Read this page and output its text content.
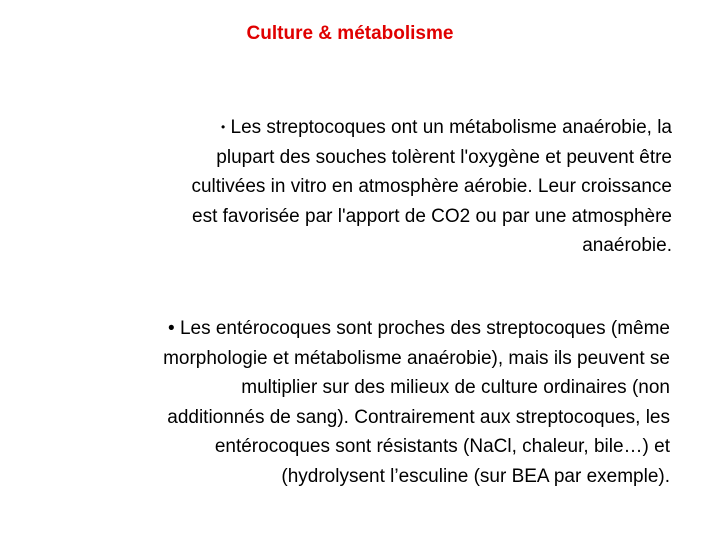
Culture & métabolisme
• Les streptocoques ont un métabolisme anaérobie, la
plupart des souches tolèrent l'oxygène et peuvent être
cultivées in vitro en atmosphère aérobie. Leur croissance
est favorisée par l'apport de CO2 ou par une atmosphère
anaérobie.
• Les entérocoques sont proches des streptocoques (même
morphologie et métabolisme anaérobie), mais ils peuvent se
multiplier sur des milieux de culture ordinaires (non
additionnés de sang). Contrairement aux streptocoques, les
entérocoques sont résistants (NaCl, chaleur, bile…) et
(hydrolysent l’esculine (sur BEA par exemple).
